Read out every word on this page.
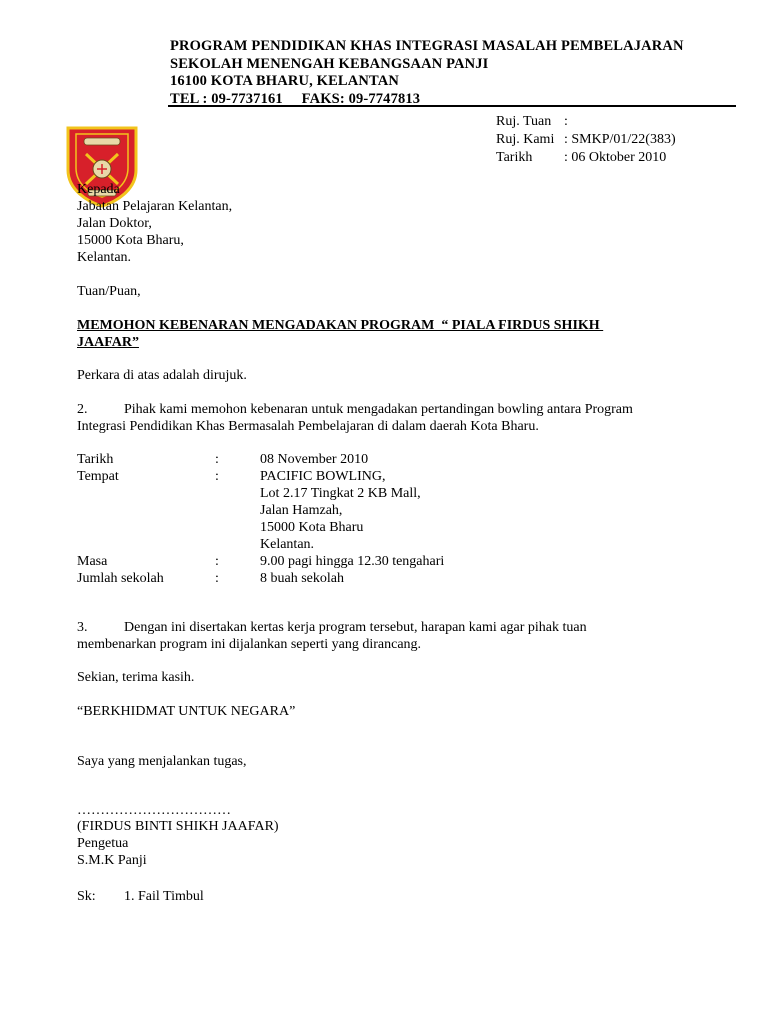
PROGRAM PENDIDIKAN KHAS INTEGRASI MASALAH PEMBELAJARAN
SEKOLAH MENENGAH KEBANGSAAN PANJI
16100 KOTA BHARU, KELANTAN
TEL : 09-7737161     FAKS: 09-7747813
Ruj. Tuan :
Ruj. Kami : SMKP/01/22(383)
Tarikh	: 06 Oktober 2010
Kepada
Jabatan Pelajaran Kelantan,
Jalan Doktor,
15000 Kota Bharu,
Kelantan.
Tuan/Puan,
MEMOHON KEBENARAN MENGADAKAN PROGRAM  “ PIALA FIRDUS SHIKH
JAAFAR”
Perkara di atas adalah dirujuk.
2.	Pihak kami memohon kebenaran untuk mengadakan pertandingan bowling antara Program
Integrasi Pendidikan Khas Bermasalah Pembelajaran di dalam daerah Kota Bharu.
Tarikh	:	08 November 2010
Tempat	:	PACIFIC BOWLING,
Lot 2.17 Tingkat 2 KB Mall,
Jalan Hamzah,
15000 Kota Bharu
Kelantan.
Masa	:	9.00 pagi hingga 12.30 tengahari
Jumlah sekolah	:	8 buah sekolah
3.	Dengan ini disertakan kertas kerja program tersebut, harapan kami agar pihak tuan
membenarkan program ini dijalankan seperti yang dirancang.
Sekian, terima kasih.
“BERKHIDMAT UNTUK NEGARA”
Saya yang menjalankan tugas,
……………………………
(FIRDUS BINTI SHIKH JAAFAR)
Pengetua
S.M.K Panji
Sk:	1. Fail Timbul
